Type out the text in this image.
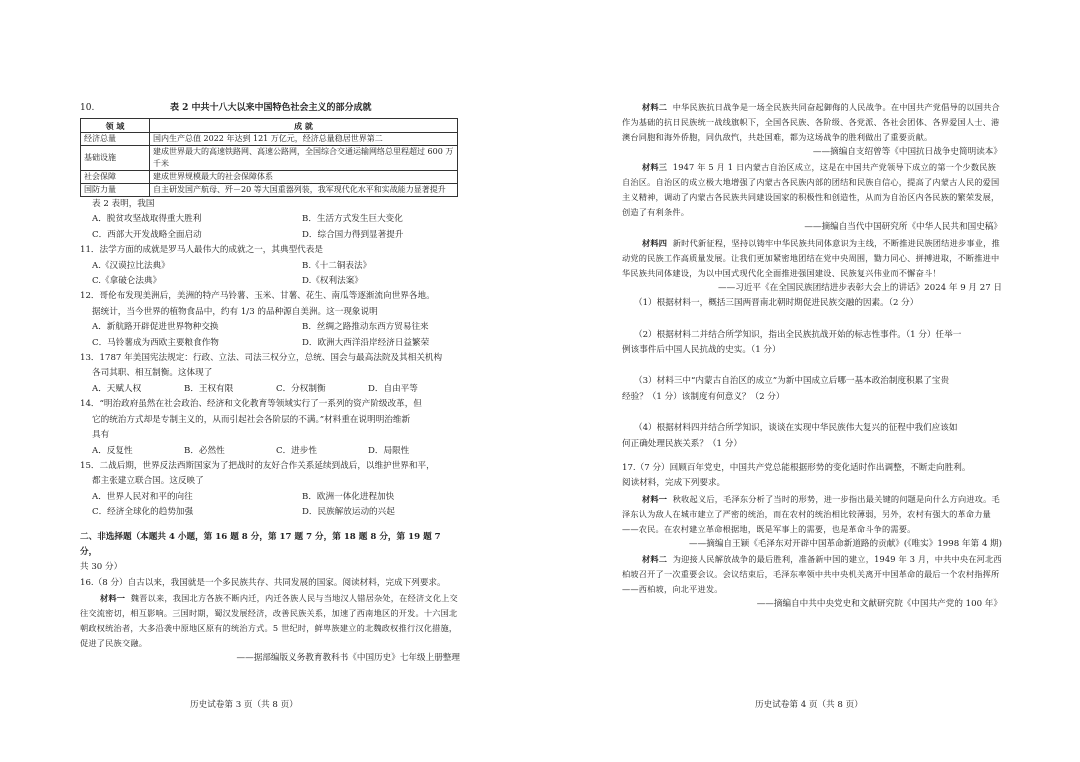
10.	表 2 中共十八大以来中国特色社会主义的部分成就
领 域	成 就
经济总量	国内生产总值 2022 年达到 121 万亿元，经济总量稳居世界第二
基础设施	建成世界最大的高速铁路网、高速公路网，全国综合交通运输网络总里程超过 600 万千米
社会保障	建成世界规模最大的社会保障体系
国防力量	自主研发国产航母、歼－20 等大国重器列装，我军现代化水平和实战能力显著提升

表 2 表明，我国

A．脱贫攻坚战取得重大胜利	B．生活方式发生巨大变化
C．西部大开发战略全面启动	D．综合国力得到显著提升

11．法学方面的成就是罗马人最伟大的成就之一，其典型代表是

A.《汉谟拉比法典》	B.《十二铜表法》
C.《拿破仑法典》	D.《权利法案》

12．哥伦布发现美洲后，美洲的特产马铃薯、玉米、甘薯、花生、南瓜等逐渐流向世界各地。

据统计，当今世界的植物食品中，约有 1/3 的品种源自美洲。这一现象说明

A．新航路开辟促进世界物种交换	B．丝绸之路推动东西方贸易往来
C．马铃薯成为西欧主要粮食作物	D．欧洲大西洋沿岸经济日益繁荣

13．1787 年美国宪法规定：行政、立法、司法三权分立，总统、国会与最高法院及其相关机构

各司其职、相互制衡。这体现了

A．天赋人权	B．王权有限	C．分权制衡	D．自由平等

14．“明治政府虽然在社会政治、经济和文化教育等领域实行了一系列的资产阶级改革，但

它的统治方式却是专制主义的，从而引起社会各阶层的不满。”材料重在说明明治维新

具有

A．反复性	B．必然性	C．进步性	D．局限性

15．二战后期，世界反法西斯国家为了把战时的友好合作关系延续到战后，以维护世界和平，

都主张建立联合国。这反映了

A．世界人民对和平的向往	B．欧洲一体化进程加快
C．经济全球化的趋势加强	D．民族解放运动的兴起

二、非选择题（本题共 4 小题，第 16 题 8 分，第 17 题 7 分，第 18 题 8 分，第 19 题 7 分，

共 30 分）

16.（8 分）自古以来，我国就是一个多民族共存、共同发展的国家。阅读材料，完成下列要求。

材料一 魏晋以来，我国北方各族不断内迁，内迁各族人民与当地汉人错居杂处，在经济文化上交往交流密切，相互影响。三国时期，蜀汉发展经济，改善民族关系，加速了西南地区的开发。十六国北朝政权统治者，大多沿袭中原地区原有的统治方式。5 世纪时，鲜卑族建立的北魏政权推行汉化措施，促进了民族交融。

——据部编版义务教育教科书《中国历史》七年级上册整理

材料二 中华民族抗日战争是一场全民族共同奋起御侮的人民战争。在中国共产党倡导的以国共合作为基础的抗日民族统一战线旗帜下，全国各民族、各阶级、各党派、各社会团体、各界爱国人士、港澳台同胞和海外侨胞，同仇敌忾，共赴国难，都为这场战争的胜利做出了重要贡献。

——摘编自支绍曾等《中国抗日战争史简明读本》

材料三 1947 年 5 月 1 日内蒙古自治区成立，这是在中国共产党领导下成立的第一个少数民族自治区。自治区的成立极大地增强了内蒙古各民族内部的团结和民族自信心，提高了内蒙古人民的爱国主义精神，调动了内蒙古各民族共同建设国家的积极性和创造性，从而为自治区内各民族的繁荣发展，创造了有利条件。

——摘编自当代中国研究所《中华人民共和国史稿》

材料四 新时代新征程，坚持以铸牢中华民族共同体意识为主线，不断推进民族团结进步事业，推动党的民族工作高质量发展。让我们更加紧密地团结在党中央周围，勠力同心、拼搏进取，不断推进中华民族共同体建设，为以中国式现代化全面推进强国建设、民族复兴伟业而不懈奋斗！

——习近平《在全国民族团结进步表彰大会上的讲话》2024 年 9 月 27 日

（1）根据材料一，概括三国两晋南北朝时期促进民族交融的因素。（2 分）

（2）根据材料二并结合所学知识，指出全民族抗战开始的标志性事件。（1 分）任举一

例该事件后中国人民抗战的史实。（1 分）

（3）材料三中“内蒙古自治区的成立”为新中国成立后哪一基本政治制度积累了宝贵

经验？（1 分）该制度有何意义？（2 分）

（4）根据材料四并结合所学知识，谈谈在实现中华民族伟大复兴的征程中我们应该如

何正确处理民族关系？（1 分）

17.（7 分）回顾百年党史，中国共产党总能根据形势的变化适时作出调整，不断走向胜利。

阅读材料，完成下列要求。

材料一 秋收起义后，毛泽东分析了当时的形势，进一步指出最关键的问题是向什么方向进攻。毛泽东认为敌人在城市建立了严密的统治，而在农村的统治相比较薄弱，另外，农村有强大的革命力量——农民。在农村建立革命根据地，既是军事上的需要，也是革命斗争的需要。

——摘编自王颖《毛泽东对开辟中国革命新道路的贡献》(《唯实》1998 年第 4 期)

材料二 为迎接人民解放战争的最后胜利，准备新中国的建立，1949 年 3 月，中共中央在河北西柏坡召开了一次重要会议。会议结束后，毛泽东率领中共中央机关离开中国革命的最后一个农村指挥所——西柏坡，向北平进发。

——摘编自中共中央党史和文献研究院《中国共产党的 100 年》

历史试卷第 3 页（共 8 页）	历史试卷第 4 页（共 8 页）
